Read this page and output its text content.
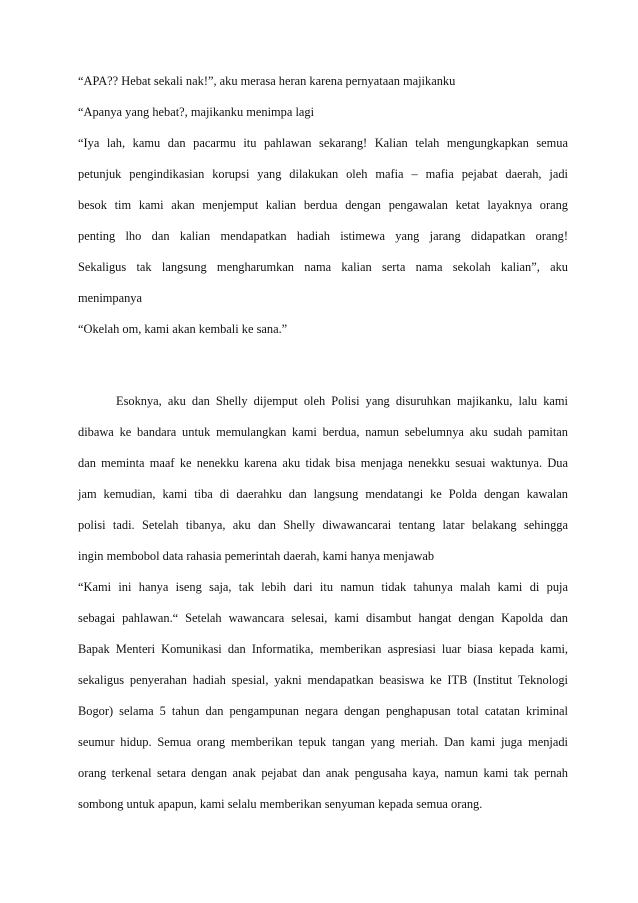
“APA?? Hebat sekali nak!”, aku merasa heran karena pernyataan majikanku
“Apanya yang hebat?, majikanku menimpa lagi
“Iya lah, kamu dan pacarmu itu pahlawan sekarang! Kalian telah mengungkapkan semua
petunjuk pengindikasian korupsi yang dilakukan oleh mafia – mafia pejabat daerah, jadi
besok tim kami akan menjemput kalian berdua dengan pengawalan ketat layaknya orang
penting lho dan kalian mendapatkan hadiah istimewa yang jarang didapatkan orang!
Sekaligus tak langsung mengharumkan nama kalian serta nama sekolah kalian”, aku
menimpanya
“Okelah om, kami akan kembali ke sana.”
Esoknya, aku dan Shelly dijemput oleh Polisi yang disuruhkan majikanku, lalu kami
dibawa ke bandara untuk memulangkan kami berdua, namun sebelumnya aku sudah pamitan
dan meminta maaf ke nenekku karena aku tidak bisa menjaga nenekku sesuai waktunya. Dua
jam kemudian, kami tiba di daerahku dan langsung mendatangi ke Polda dengan kawalan
polisi tadi. Setelah tibanya, aku dan Shelly diwawancarai tentang latar belakang sehingga
ingin membobol data rahasia pemerintah daerah, kami hanya menjawab
“Kami ini hanya iseng saja, tak lebih dari itu namun tidak tahunya malah kami di puja
sebagai pahlawan.“ Setelah wawancara selesai, kami disambut hangat dengan Kapolda dan
Bapak Menteri Komunikasi dan Informatika, memberikan aspresiasi luar biasa kepada kami,
sekaligus penyerahan hadiah spesial, yakni mendapatkan beasiswa ke ITB (Institut Teknologi
Bogor) selama 5 tahun dan pengampunan negara dengan penghapusan total catatan kriminal
seumur hidup. Semua orang memberikan tepuk tangan yang meriah. Dan kami juga menjadi
orang terkenal setara dengan anak pejabat dan anak pengusaha kaya, namun kami tak pernah
sombong untuk apapun, kami selalu memberikan senyuman kepada semua orang.
